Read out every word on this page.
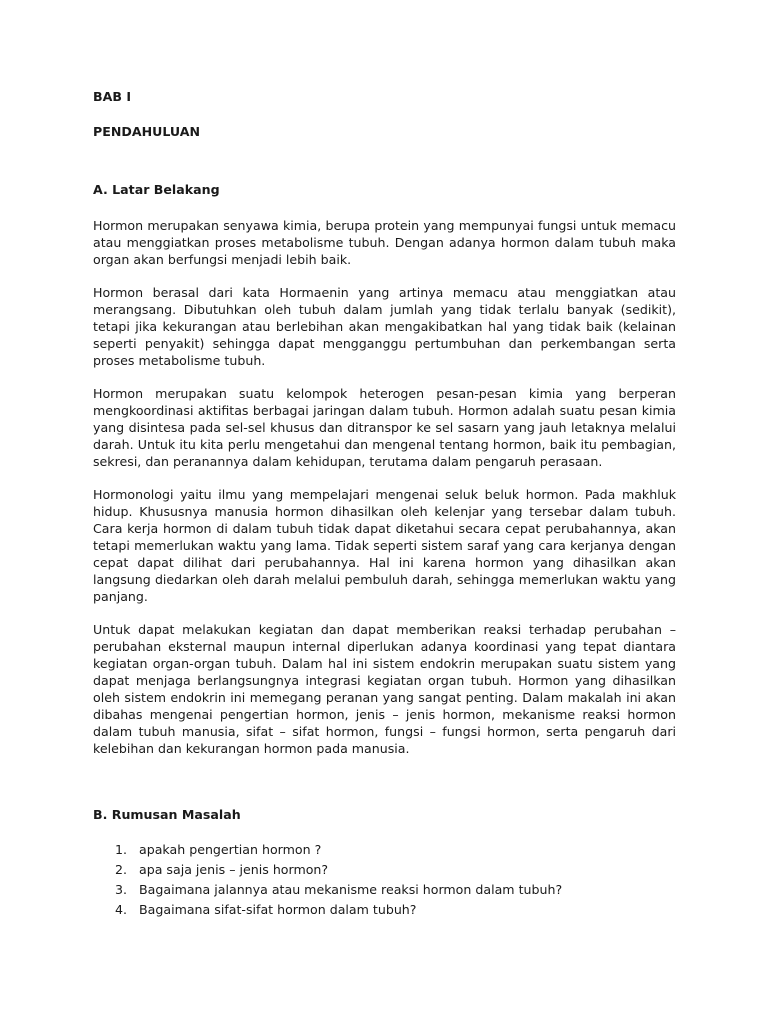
BAB I

PENDAHULUAN

A. Latar Belakang

Hormon merupakan senyawa kimia, berupa protein yang mempunyai fungsi untuk memacu atau menggiatkan proses metabolisme tubuh. Dengan adanya hormon dalam tubuh maka organ akan berfungsi menjadi lebih baik.

Hormon berasal dari kata Hormaenin yang artinya memacu atau menggiatkan atau merangsang. Dibutuhkan oleh tubuh dalam jumlah yang tidak terlalu banyak (sedikit), tetapi jika kekurangan atau berlebihan akan mengakibatkan hal yang tidak baik (kelainan seperti penyakit) sehingga dapat mengganggu pertumbuhan dan perkembangan serta proses metabolisme tubuh.

Hormon merupakan suatu kelompok heterogen pesan-pesan kimia yang berperan mengkoordinasi aktifitas berbagai jaringan dalam tubuh. Hormon adalah suatu pesan kimia yang disintesa pada sel-sel khusus dan ditranspor ke sel sasarn yang jauh letaknya melalui darah. Untuk itu kita perlu mengetahui dan mengenal tentang hormon, baik itu pembagian, sekresi, dan peranannya dalam kehidupan, terutama dalam pengaruh perasaan.

Hormonologi yaitu ilmu yang mempelajari mengenai seluk beluk hormon. Pada makhluk hidup. Khususnya manusia hormon dihasilkan oleh kelenjar yang tersebar dalam tubuh. Cara kerja hormon di dalam tubuh tidak dapat diketahui secara cepat perubahannya, akan tetapi memerlukan waktu yang lama. Tidak seperti sistem saraf yang cara kerjanya dengan cepat dapat dilihat dari perubahannya. Hal ini karena hormon yang dihasilkan akan langsung diedarkan oleh darah melalui pembuluh darah, sehingga memerlukan waktu yang panjang.

Untuk dapat melakukan kegiatan dan dapat memberikan reaksi terhadap perubahan – perubahan eksternal maupun internal diperlukan adanya koordinasi yang tepat diantara kegiatan organ-organ tubuh. Dalam hal ini sistem endokrin merupakan suatu sistem yang dapat menjaga berlangsungnya integrasi kegiatan organ tubuh. Hormon yang dihasilkan oleh sistem endokrin ini memegang peranan yang sangat penting. Dalam makalah ini akan dibahas mengenai pengertian hormon, jenis – jenis hormon, mekanisme reaksi hormon dalam tubuh manusia, sifat – sifat hormon, fungsi – fungsi hormon, serta pengaruh dari kelebihan dan kekurangan hormon pada manusia.

B. Rumusan Masalah

1. apakah pengertian hormon ?
2. apa saja jenis – jenis hormon?
3. Bagaimana jalannya atau mekanisme reaksi hormon dalam tubuh?
4. Bagaimana sifat-sifat hormon dalam tubuh?
